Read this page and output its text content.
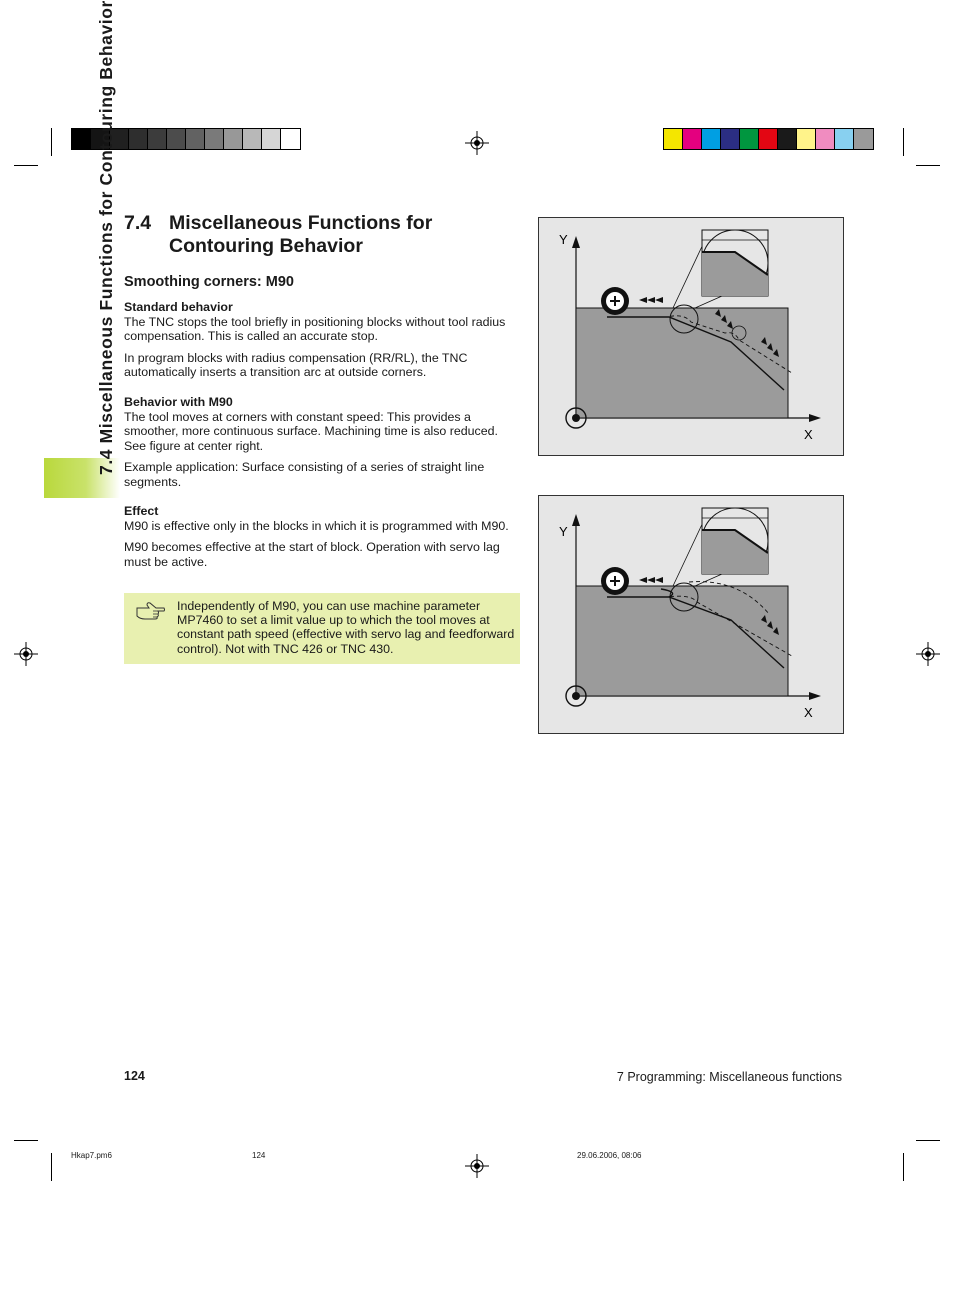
7.4 Miscellaneous Functions for Contouring Behavior 7.4 Miscellaneous Functions for
Contouring Behavior
Smoothing corners: M90
Standard behavior

The TNC stops the tool briefly in positioning blocks without tool radius compensation. This is called an accurate stop.

In program blocks with radius compensation (RR/RL), the TNC automatically inserts a transition arc at outside corners.

Behavior with M90

The tool moves at corners with constant speed: This provides a smoother, more continuous surface. Machining time is also reduced. See figure at center right.

Example application: Surface consisting of a series of straight line segments.

Effect

M90 is effective only in the blocks in which it is programmed with M90.

M90 becomes effective at the start of block. Operation with servo lag must be active.

Independently of M90, you can use machine parameter MP7460 to set a limit value up to which the tool moves at constant path speed (effective with servo lag and feedforward control). Not with TNC 426 or TNC 430.
Y
X
Y
X
124	7 Programming: Miscellaneous functions
Hkap7.pm6	124	29.06.2006, 08:06
